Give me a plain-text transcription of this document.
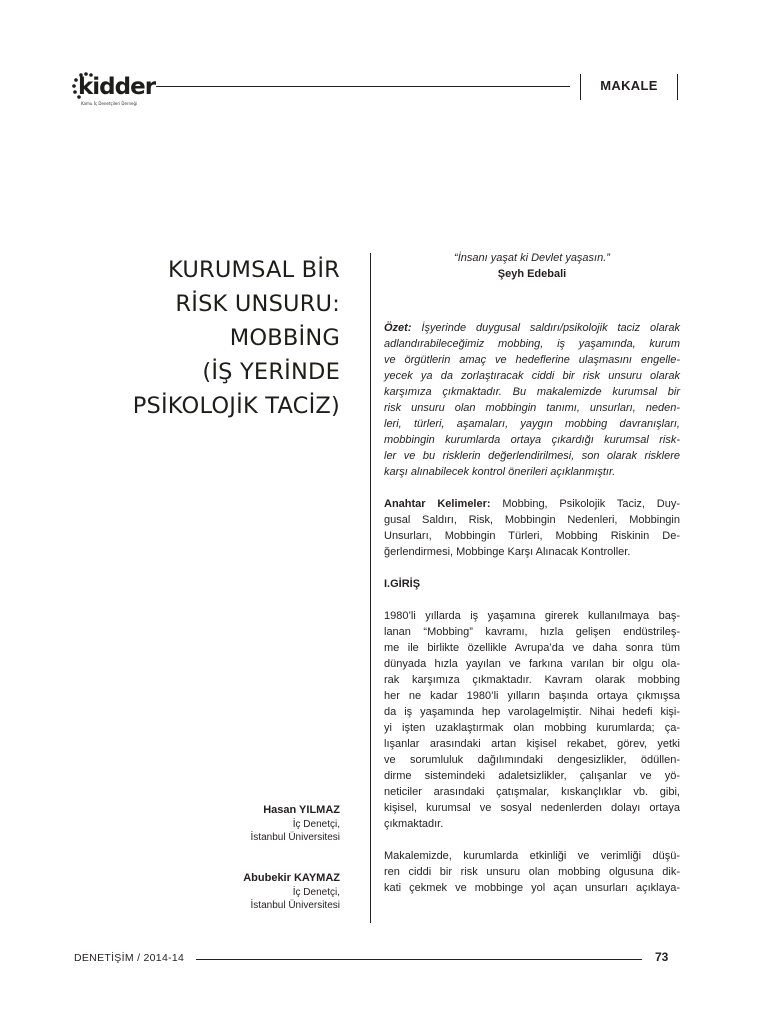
kidder
Kamu İç Denetçileri Derneği
MAKALE
KURUMSAL BİR
RİSK UNSURU:
MOBBİNG
(İŞ YERİNDE
PSİKOLOJİK TACİZ)
Hasan YILMAZ
İç Denetçi,
İstanbul Üniversitesi
Abubekir KAYMAZ
İç Denetçi,
İstanbul Üniversitesi
“İnsanı yaşat ki Devlet yaşasın.”
Şeyh Edebali
Özet: İşyerinde duygusal saldırı/psikolojik taciz olarak
adlandırabileceğimiz mobbing, iş yaşamında, kurum
ve örgütlerin amaç ve hedeflerine ulaşmasını engelle-
yecek ya da zorlaştıracak ciddi bir risk unsuru olarak
karşımıza çıkmaktadır. Bu makalemizde kurumsal bir
risk unsuru olan mobbingin tanımı, unsurları, neden-
leri, türleri, aşamaları, yaygın mobbing davranışları,
mobbingin kurumlarda ortaya çıkardığı kurumsal risk-
ler ve bu risklerin değerlendirilmesi, son olarak risklere
karşı alınabilecek kontrol önerileri açıklanmıştır.
Anahtar Kelimeler: Mobbing, Psikolojik Taciz, Duy-
gusal Saldırı, Risk, Mobbingin Nedenleri, Mobbingin
Unsurları, Mobbingin Türleri, Mobbing Riskinin De-
ğerlendirmesi, Mobbinge Karşı Alınacak Kontroller.
I.GİRİŞ
1980’li yıllarda iş yaşamına girerek kullanılmaya baş-
lanan “Mobbing” kavramı, hızla gelişen endüstrileş-
me ile birlikte özellikle Avrupa’da ve daha sonra tüm
dünyada hızla yayılan ve farkına varılan bir olgu ola-
rak karşımıza çıkmaktadır. Kavram olarak mobbing
her ne kadar 1980’li yılların başında ortaya çıkmışsa
da iş yaşamında hep varolagelmiştir. Nihai hedefi kişi-
yi işten uzaklaştırmak olan mobbing kurumlarda; ça-
lışanlar arasındaki artan kişisel rekabet, görev, yetki
ve sorumluluk dağılımındaki dengesizlikler, ödüllen-
dirme sistemindeki adaletsizlikler, çalışanlar ve yö-
neticiler arasındaki çatışmalar, kıskançlıklar vb. gibi,
kişisel, kurumsal ve sosyal nedenlerden dolayı ortaya
çıkmaktadır.
Makalemizde, kurumlarda etkinliği ve verimliği düşü-
ren ciddi bir risk unsuru olan mobbing olgusuna dik-
kati çekmek ve mobbinge yol açan unsurları açıklaya-
DENETİŞİM / 2014-14	73
